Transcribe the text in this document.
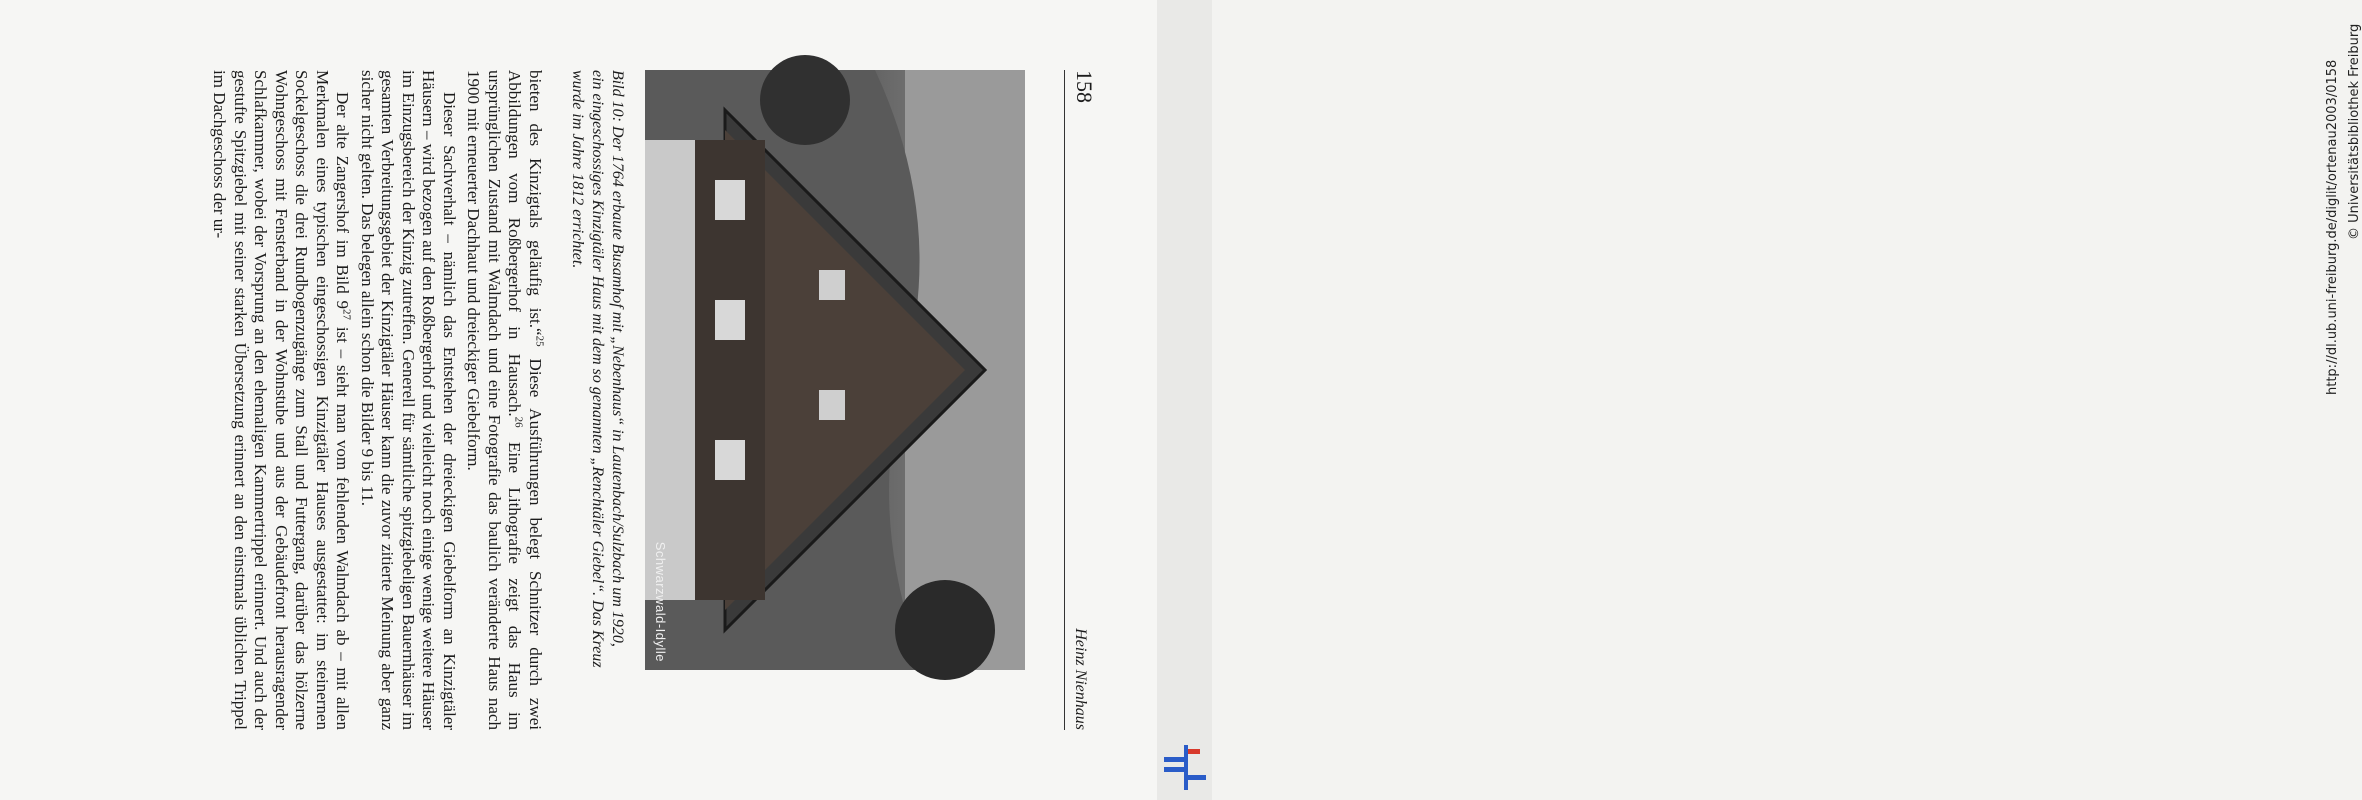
158
Heinz Nienhaus
Schwarzwald-Idylle
Bild 10: Der 1764 erbaute Busamhof mit „Nebenhaus“ in Lautenbach/Sulzbach um 1920, ein eingeschossiges Kinzigtäler Haus mit dem so genannten „Renchtäler Giebel“. Das Kreuz wurde im Jahre 1812 errichtet.

bieten des Kinzigtals geläufig ist.“$^{25}$ Diese Ausführungen belegt Schnitzer durch zwei Abbildungen vom Roßbergerhof in Hausach.$^{26}$ Eine Lithografie zeigt das Haus im ursprünglichen Zustand mit Walmdach und eine Fotografie das baulich veränderte Haus nach 1900 mit erneuerter Dachhaut und dreieckiger Giebelform.

Dieser Sachverhalt – nämlich das Entstehen der dreieckigen Giebelform an Kinzigtäler Häusern – wird bezogen auf den Roßbergerhof und vielleicht noch einige wenige weitere Häuser im Einzugsbereich der Kinzig zutreffen. Generell für sämtliche spitzgiebeligen Bauernhäuser im gesamten Verbreitungsgebiet der Kinzigtäler Häuser kann die zuvor zitierte Meinung aber ganz sicher nicht gelten. Das belegen allein schon die Bilder 9 bis 11.

Der alte Zangershof im Bild $9^{27}$ ist – sieht man vom fehlenden Walmdach ab – mit allen Merkmalen eines typischen eingeschossigen Kinzigtäler Hauses ausgestattet: im steinernen Sockelgeschoss die drei Rundbogenzugänge zum Stall und Futtergang, darüber das hölzerne Wohngeschoss mit Fensterband in der Wohnstube und aus der Gebäudefront herausragender Schlafkammer, wobei der Vorsprung an den ehemaligen Kammertrippel erinnert. Und auch der gestufte Spitzgiebel mit seiner starken Übersetzung erinnert an den einstmals üblichen Trippel im Dachgeschoss der ur-	http://dl.ub.uni-freiburg.de/diglit/ortenau2003/0158 © Universitätsbibliothek Freiburg
